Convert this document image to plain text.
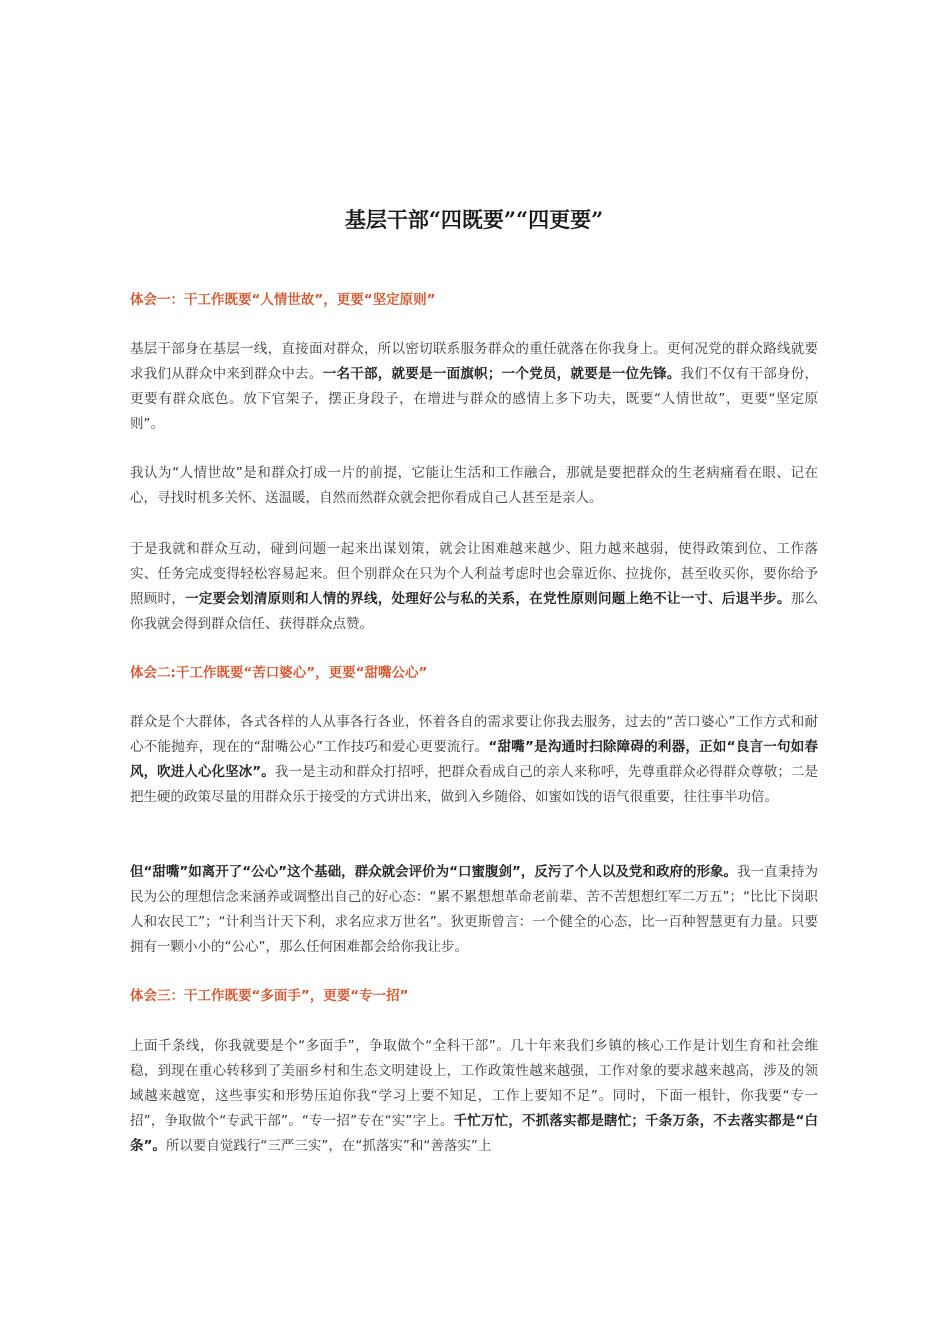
基层干部“四既要”“四更要”
体会一：干工作既要“人情世故”，更要“坚定原则”

基层干部身在基层一线，直接面对群众，所以密切联系服务群众的重任就落在你我身上。更何况党的群众路线就要求我们从群众中来到群众中去。一名干部，就要是一面旗帜；一个党员，就要是一位先锋。我们不仅有干部身份，更要有群众底色。放下官架子，摆正身段子，在增进与群众的感情上多下功夫，既要“人情世故”，更要“坚定原则”。

我认为“人情世故”是和群众打成一片的前提，它能让生活和工作融合，那就是要把群众的生老病痛看在眼、记在心，寻找时机多关怀、送温暖，自然而然群众就会把你看成自己人甚至是亲人。

于是我就和群众互动，碰到问题一起来出谋划策，就会让困难越来越少、阻力越来越弱，使得政策到位、工作落实、任务完成变得轻松容易起来。但个别群众在只为个人利益考虑时也会靠近你、拉拢你，甚至收买你，要你给予照顾时，一定要会划清原则和人情的界线，处理好公与私的关系，在党性原则问题上绝不让一寸、后退半步。那么你我就会得到群众信任、获得群众点赞。

体会二:干工作既要“苦口婆心”，更要“甜嘴公心”

群众是个大群体，各式各样的人从事各行各业，怀着各自的需求要让你我去服务，过去的“苦口婆心”工作方式和耐心不能抛弃，现在的“甜嘴公心”工作技巧和爱心更要流行。“甜嘴”是沟通时扫除障碍的利器，正如“良言一句如春风，吹进人心化坚冰”。我一是主动和群众打招呼，把群众看成自己的亲人来称呼，先尊重群众必得群众尊敬；二是把生硬的政策尽量的用群众乐于接受的方式讲出来，做到入乡随俗、如蜜如饯的语气很重要，往往事半功倍。

但“甜嘴”如离开了“公心”这个基础，群众就会评价为“口蜜腹剑”，反污了个人以及党和政府的形象。我一直秉持为民为公的理想信念来涵养或调整出自己的好心态：“累不累想想革命老前辈、苦不苦想想红军二万五”；“比比下岗职人和农民工”；“计利当计天下利，求名应求万世名”。狄更斯曾言：一个健全的心态，比一百种智慧更有力量。只要拥有一颗小小的“公心”，那么任何困难都会给你我让步。

体会三：干工作既要“多面手”，更要“专一招”

上面千条线，你我就要是个“多面手”，争取做个“全科干部”。几十年来我们乡镇的核心工作是计划生育和社会维稳，到现在重心转移到了美丽乡村和生态文明建设上，工作政策性越来越强，工作对象的要求越来越高，涉及的领域越来越宽，这些事实和形势压迫你我“学习上要不知足，工作上要知不足”。同时，下面一根针，你我要“专一招”，争取做个“专武干部”。“专一招”专在“实”字上。千忙万忙，不抓落实都是瞎忙；千条万条，不去落实都是“白条”。所以要自觉践行“三严三实”，在“抓落实”和“善落实”上
